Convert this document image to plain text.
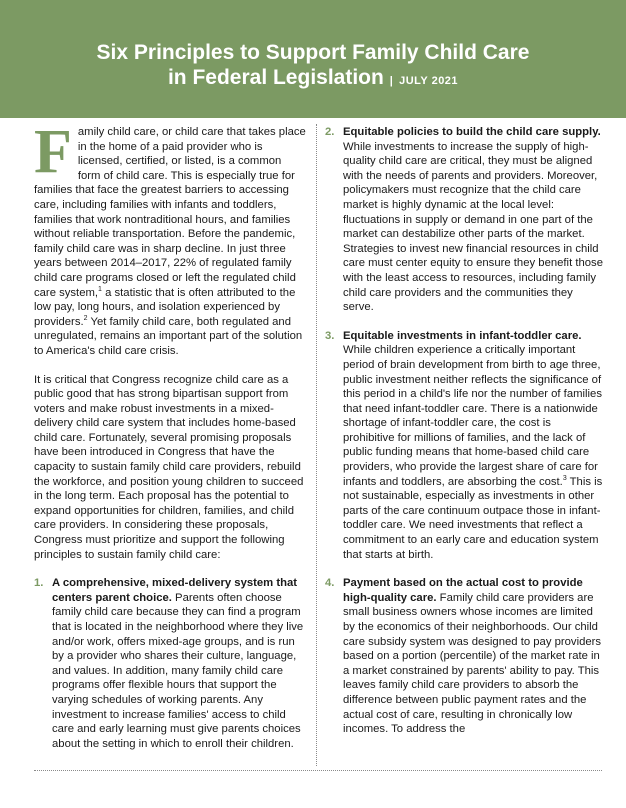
Six Principles to Support Family Child Care
in Federal Legislation | JULY 2021

Family child care, or child care that takes place in the home of a paid provider who is licensed, certified, or listed, is a common form of child care. This is especially true for families that face the greatest barriers to accessing care, including families with infants and toddlers, families that work nontraditional hours, and families without reliable transportation. Before the pandemic, family child care was in sharp decline. In just three years between 2014–2017, 22% of regulated family child care programs closed or left the regulated child care system,$^1$ a statistic that is often attributed to the low pay, long hours, and isolation experienced by providers.$^2$ Yet family child care, both regulated and unregulated, remains an important part of the solution to America's child care crisis.

It is critical that Congress recognize child care as a public good that has strong bipartisan support from voters and make robust investments in a mixed-delivery child care system that includes home-based child care. Fortunately, several promising proposals have been introduced in Congress that have the capacity to sustain family child care providers, rebuild the workforce, and position young children to succeed in the long term. Each proposal has the potential to expand opportunities for children, families, and child care providers. In considering these proposals, Congress must prioritize and support the following principles to sustain family child care:

1. A comprehensive, mixed-delivery system that centers parent choice. Parents often choose family child care because they can find a program that is located in the neighborhood where they live and/or work, offers mixed-age groups, and is run by a provider who shares their culture, language, and values. In addition, many family child care programs offer flexible hours that support the varying schedules of working parents. Any investment to increase families' access to child care and early learning must give parents choices about the setting in which to enroll their children.

2. Equitable policies to build the child care supply. While investments to increase the supply of high-quality child care are critical, they must be aligned with the needs of parents and providers. Moreover, policymakers must recognize that the child care market is highly dynamic at the local level: fluctuations in supply or demand in one part of the market can destabilize other parts of the market. Strategies to invest new financial resources in child care must center equity to ensure they benefit those with the least access to resources, including family child care providers and the communities they serve.

3. Equitable investments in infant-toddler care. While children experience a critically important period of brain development from birth to age three, public investment neither reflects the significance of this period in a child's life nor the number of families that need infant-toddler care. There is a nationwide shortage of infant-toddler care, the cost is prohibitive for millions of families, and the lack of public funding means that home-based child care providers, who provide the largest share of care for infants and toddlers, are absorbing the cost.$^3$ This is not sustainable, especially as investments in other parts of the care continuum outpace those in infant-toddler care. We need investments that reflect a commitment to an early care and education system that starts at birth.

4. Payment based on the actual cost to provide high-quality care. Family child care providers are small business owners whose incomes are limited by the economics of their neighborhoods. Our child care subsidy system was designed to pay providers based on a portion (percentile) of the market rate in a market constrained by parents' ability to pay. This leaves family child care providers to absorb the difference between public payment rates and the actual cost of care, resulting in chronically low incomes. To address the
